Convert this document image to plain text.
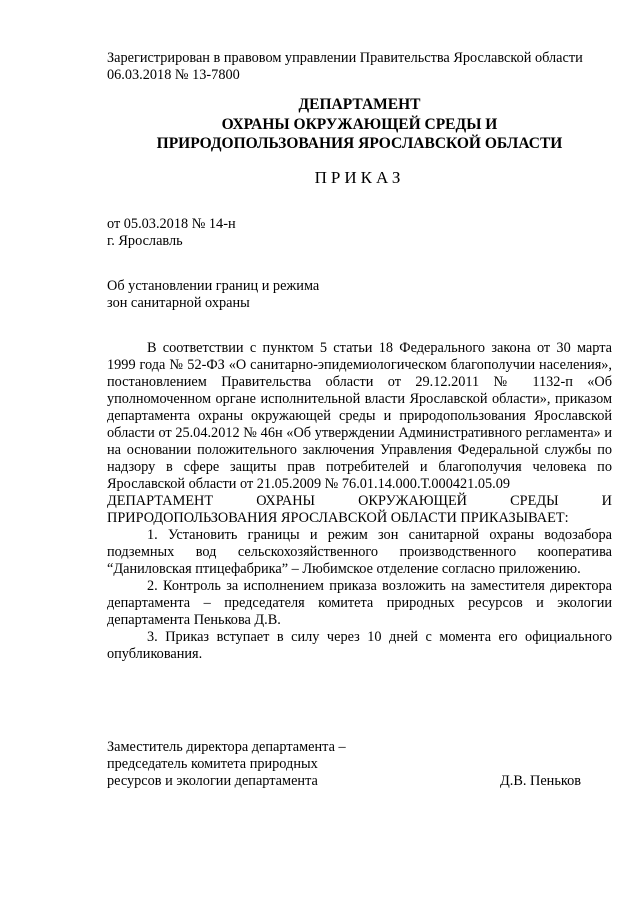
Зарегистрирован в правовом управлении Правительства Ярославской области
06.03.2018 № 13-7800
ДЕПАРТАМЕНТ
ОХРАНЫ ОКРУЖАЮЩЕЙ СРЕДЫ И
ПРИРОДОПОЛЬЗОВАНИЯ ЯРОСЛАВСКОЙ ОБЛАСТИ
ПРИКАЗ
от 05.03.2018 № 14-н
г. Ярославль
Об установлении границ и режима
зон санитарной охраны

В соответствии с пунктом 5 статьи 18 Федерального закона от 30 марта 1999 года № 52-ФЗ «О санитарно-эпидемиологическом благополучии населения», постановлением Правительства области от 29.12.2011 № 1132-п «Об уполномоченном органе исполнительной власти Ярославской области», приказом департамента охраны окружающей среды и природопользования Ярославской области от 25.04.2012 № 46н «Об утверждении Административного регламента» и на основании положительного заключения Управления Федеральной службы по надзору в сфере защиты прав потребителей и благополучия человека по Ярославской области от 21.05.2009 № 76.01.14.000.Т.000421.05.09

ДЕПАРТАМЕНТ ОХРАНЫ ОКРУЖАЮЩЕЙ СРЕДЫ И

ПРИРОДОПОЛЬЗОВАНИЯ ЯРОСЛАВСКОЙ ОБЛАСТИ ПРИКАЗЫВАЕТ:

1. Установить границы и режим зон санитарной охраны водозабора подземных вод сельскохозяйственного производственного кооператива “Даниловская птицефабрика” – Любимское отделение согласно приложению.

2. Контроль за исполнением приказа возложить на заместителя директора департамента – председателя комитета природных ресурсов и экологии департамента Пенькова Д.В.

3. Приказ вступает в силу через 10 дней с момента его официального опубликования.

Заместитель директора департамента –
председатель комитета природных
ресурсов и экологии департамента	Д.В. Пеньков
